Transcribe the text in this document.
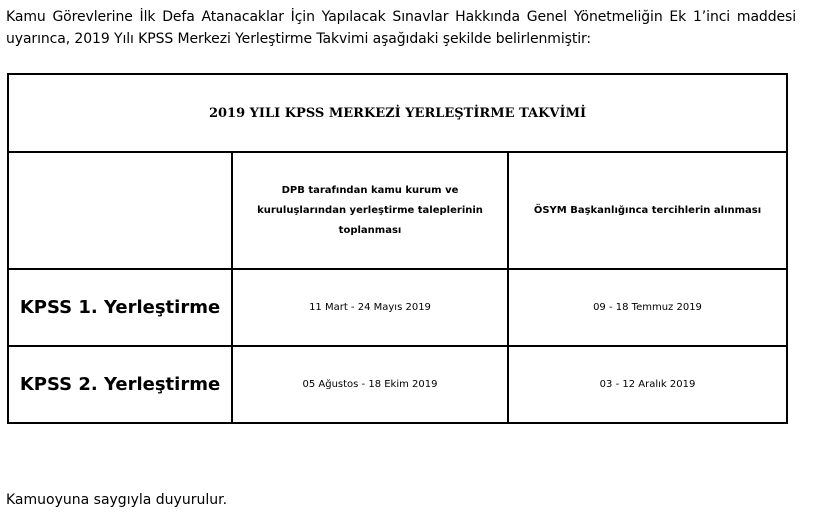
Kamu Görevlerine İlk Defa Atanacaklar İçin Yapılacak Sınavlar Hakkında Genel Yönetmeliğin Ek 1’inci maddesi uyarınca, 2019 Yılı KPSS Merkezi Yerleştirme Takvimi aşağıdaki şekilde belirlenmiştir:

2019 YILI KPSS MERKEZİ YERLEŞTİRME TAKVİMİ		
	DPB tarafından kamu kurum ve kuruluşlarından yerleştirme taleplerinin toplanması	ÖSYM Başkanlığınca tercihlerin alınması
KPSS 1. Yerleştirme	11 Mart - 24 Mayıs 2019	09 - 18 Temmuz 2019
KPSS 2. Yerleştirme	05 Ağustos - 18 Ekim 2019	03 - 12 Aralık 2019

Kamuoyuna saygıyla duyurulur.
